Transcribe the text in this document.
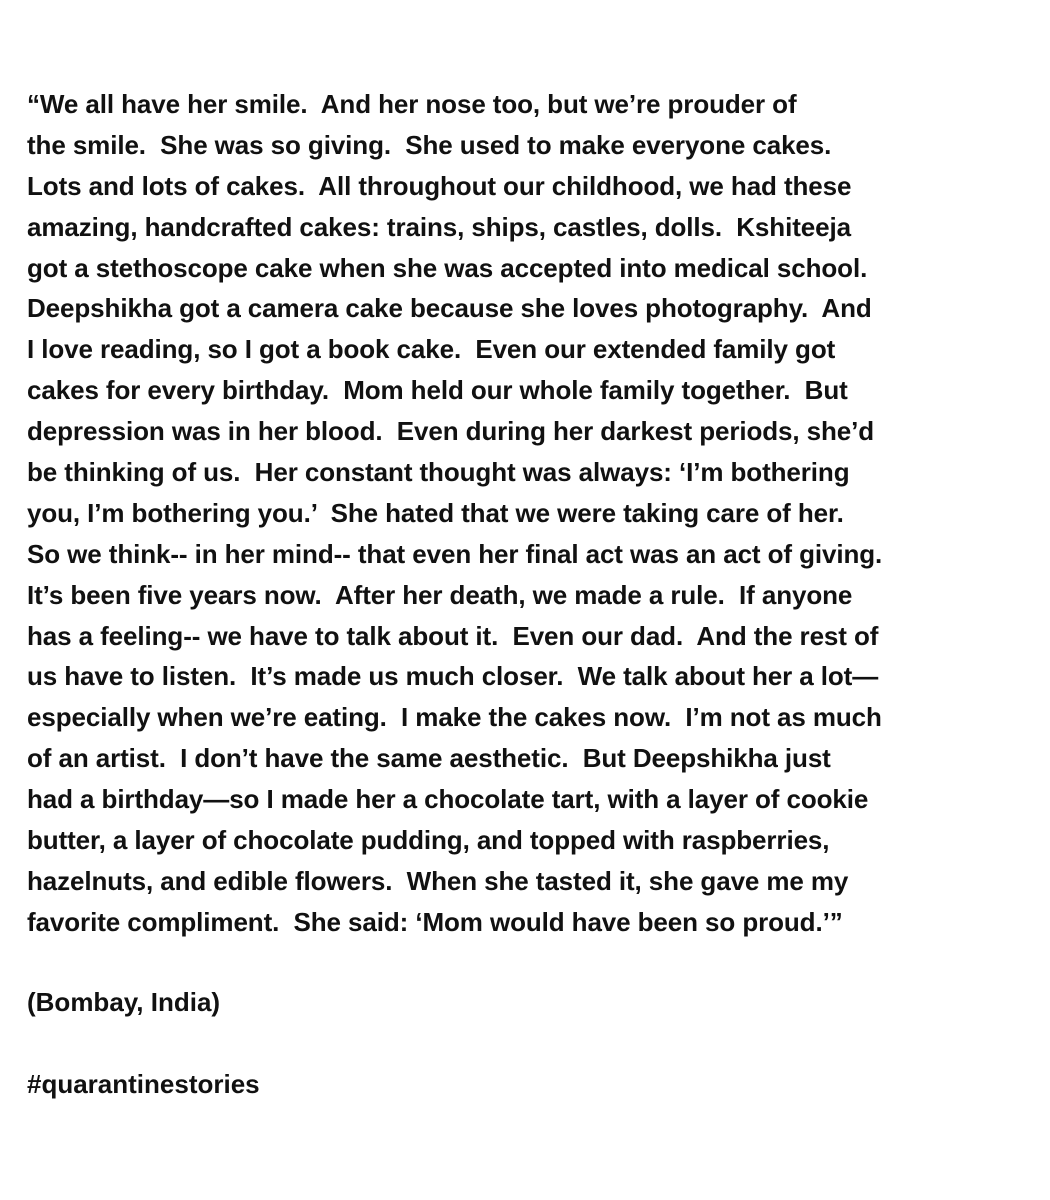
“We all have her smile.  And her nose too, but we’re prouder of
the smile.  She was so giving.  She used to make everyone cakes.
Lots and lots of cakes.  All throughout our childhood, we had these
amazing, handcrafted cakes: trains, ships, castles, dolls.  Kshiteeja
got a stethoscope cake when she was accepted into medical school.
Deepshikha got a camera cake because she loves photography.  And
I love reading, so I got a book cake.  Even our extended family got
cakes for every birthday.  Mom held our whole family together.  But
depression was in her blood.  Even during her darkest periods, she’d
be thinking of us.  Her constant thought was always: ‘I’m bothering
you, I’m bothering you.’  She hated that we were taking care of her.
So we think-- in her mind-- that even her final act was an act of giving.
It’s been five years now.  After her death, we made a rule.  If anyone
has a feeling-- we have to talk about it.  Even our dad.  And the rest of
us have to listen.  It’s made us much closer.  We talk about her a lot—
especially when we’re eating.  I make the cakes now.  I’m not as much
of an artist.  I don’t have the same aesthetic.  But Deepshikha just
had a birthday—so I made her a chocolate tart, with a layer of cookie
butter, a layer of chocolate pudding, and topped with raspberries,
hazelnuts, and edible flowers.  When she tasted it, she gave me my
favorite compliment.  She said: ‘Mom would have been so proud.’”
(Bombay, India)
#quarantinestories
